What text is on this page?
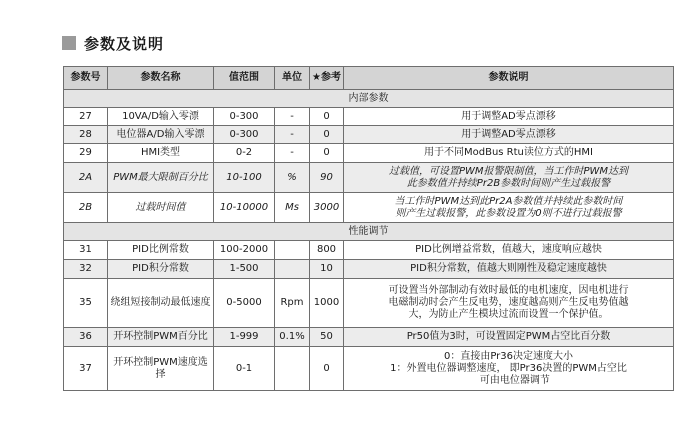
参数及说明
参数号	参数名称	值范围	单位	★参考	参数说明
内部参数					
27	10VA/D输入零漂	0-300	-	0	用于调整AD零点漂移

28	电位器A/D输入零漂	0-300	-	0	用于调整AD零点漂移

29	HMI类型	0-2	-	0	用于不同ModBus Rtu读位方式的HMI

2A	PWM最大限制百分比	10-100	%	90	过载值，可设置PWM报警限制值，当工作时PWM达到
此参数值并持续Pr2B参数时间则产生过载报警

2B	过载时间值	10-10000	Ms	3000	当工作时PWM达到此Pr2A参数值并持续此参数时间
则产生过载报警，此参数设置为0则不进行过载报警

性能调节					
31	PID比例常数	100-2000		800	PID比例增益常数，值越大，速度响应越快

32	PID积分常数	1-500		10	PID积分常数，值越大则刚性及稳定速度越快

35	绕组短接制动最低速度	0-5000	Rpm	1000	可设置当外部制动有效时最低的电机速度，因电机进行
电磁制动时会产生反电势，速度越高则产生反电势值越
大，为防止产生模块过流而设置一个保护值。

36	开环控制PWM百分比	1-999	0.1%	50	Pr50值为3时，可设置固定PWM占空比百分数

37	开环控制PWM速度选择	0-1		0	0：直接由Pr36决定速度大小
1：外置电位器调整速度， 即Pr36决置的PWM占空比
可由电位器调节
